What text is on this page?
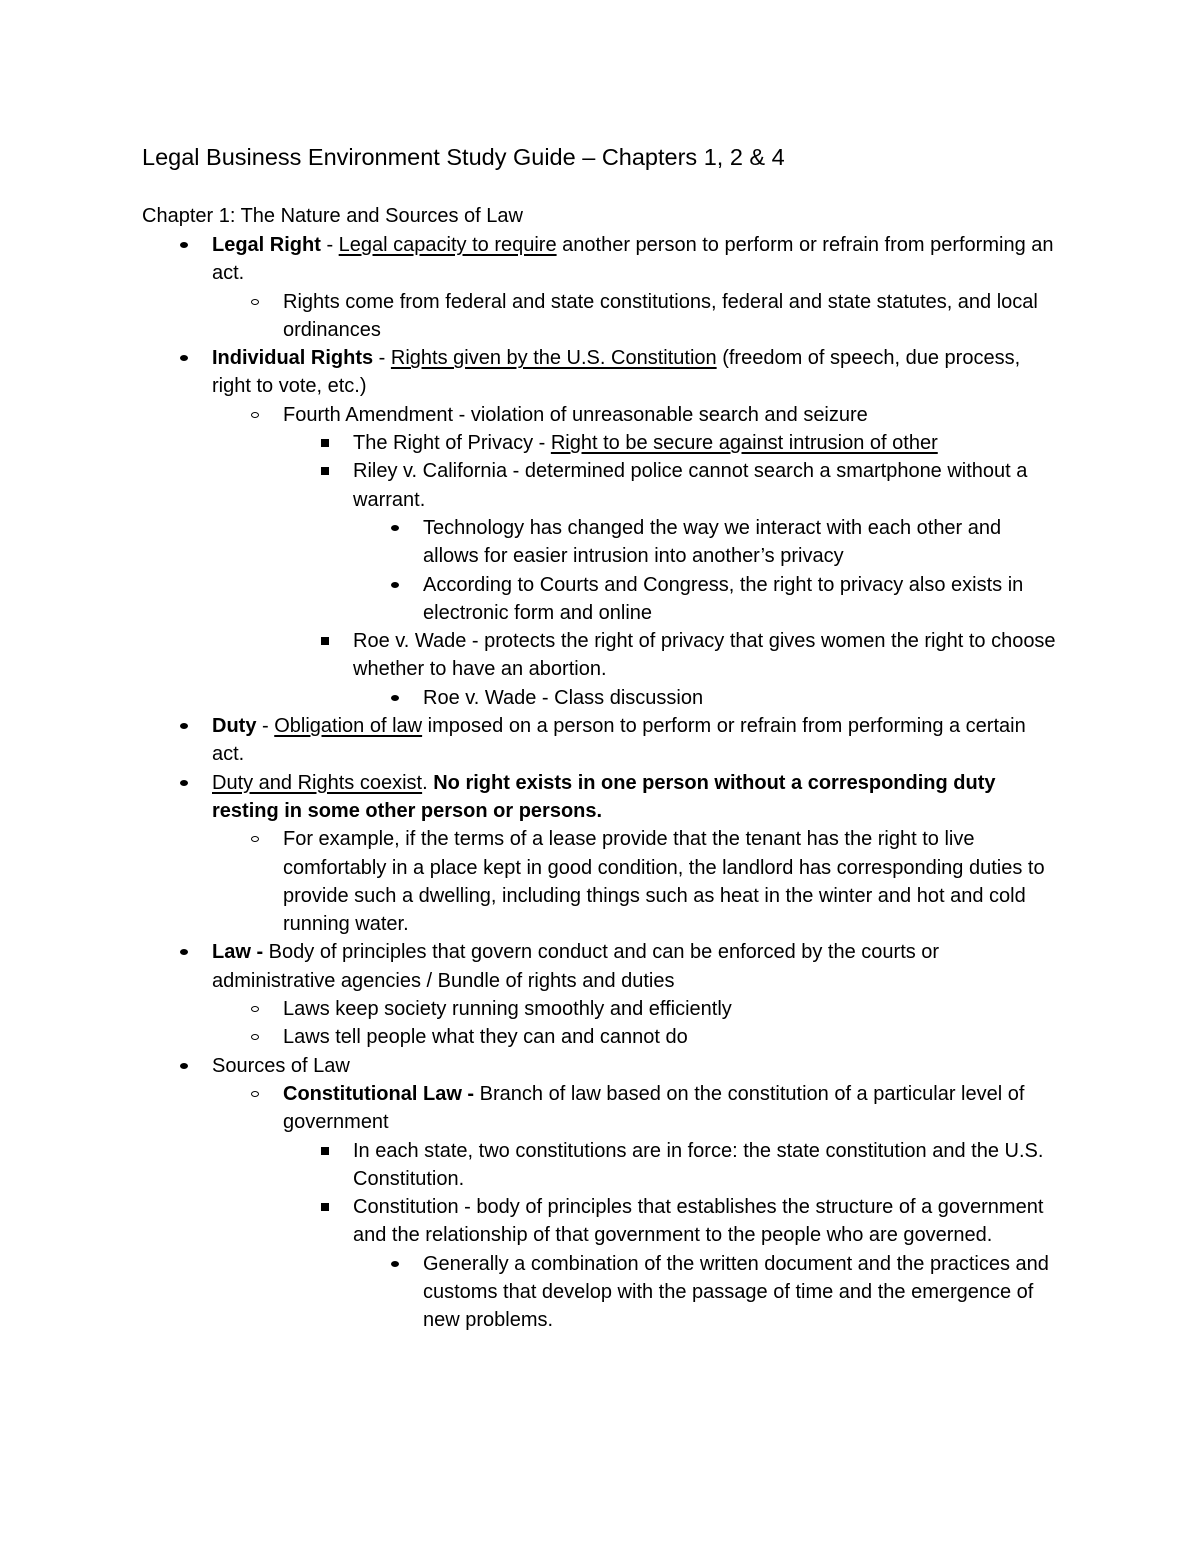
Legal Business Environment Study Guide – Chapters 1, 2 & 4
Chapter 1: The Nature and Sources of Law
Legal Right - Legal capacity to require another person to perform or refrain from performing an act.
Rights come from federal and state constitutions, federal and state statutes, and local ordinances
Individual Rights - Rights given by the U.S. Constitution (freedom of speech, due process, right to vote, etc.)
Fourth Amendment - violation of unreasonable search and seizure
The Right of Privacy - Right to be secure against intrusion of other
Riley v. California - determined police cannot search a smartphone without a warrant.
Technology has changed the way we interact with each other and allows for easier intrusion into another’s privacy
According to Courts and Congress, the right to privacy also exists in electronic form and online
Roe v. Wade - protects the right of privacy that gives women the right to choose whether to have an abortion.
Roe v. Wade - Class discussion
Duty - Obligation of law imposed on a person to perform or refrain from performing a certain act.
Duty and Rights coexist. No right exists in one person without a corresponding duty resting in some other person or persons.
For example, if the terms of a lease provide that the tenant has the right to live comfortably in a place kept in good condition, the landlord has corresponding duties to provide such a dwelling, including things such as heat in the winter and hot and cold running water.
Law - Body of principles that govern conduct and can be enforced by the courts or administrative agencies / Bundle of rights and duties
Laws keep society running smoothly and efficiently
Laws tell people what they can and cannot do
Sources of Law
Constitutional Law - Branch of law based on the constitution of a particular level of government
In each state, two constitutions are in force: the state constitution and the U.S. Constitution.
Constitution - body of principles that establishes the structure of a government and the relationship of that government to the people who are governed.
Generally a combination of the written document and the practices and customs that develop with the passage of time and the emergence of new problems.
